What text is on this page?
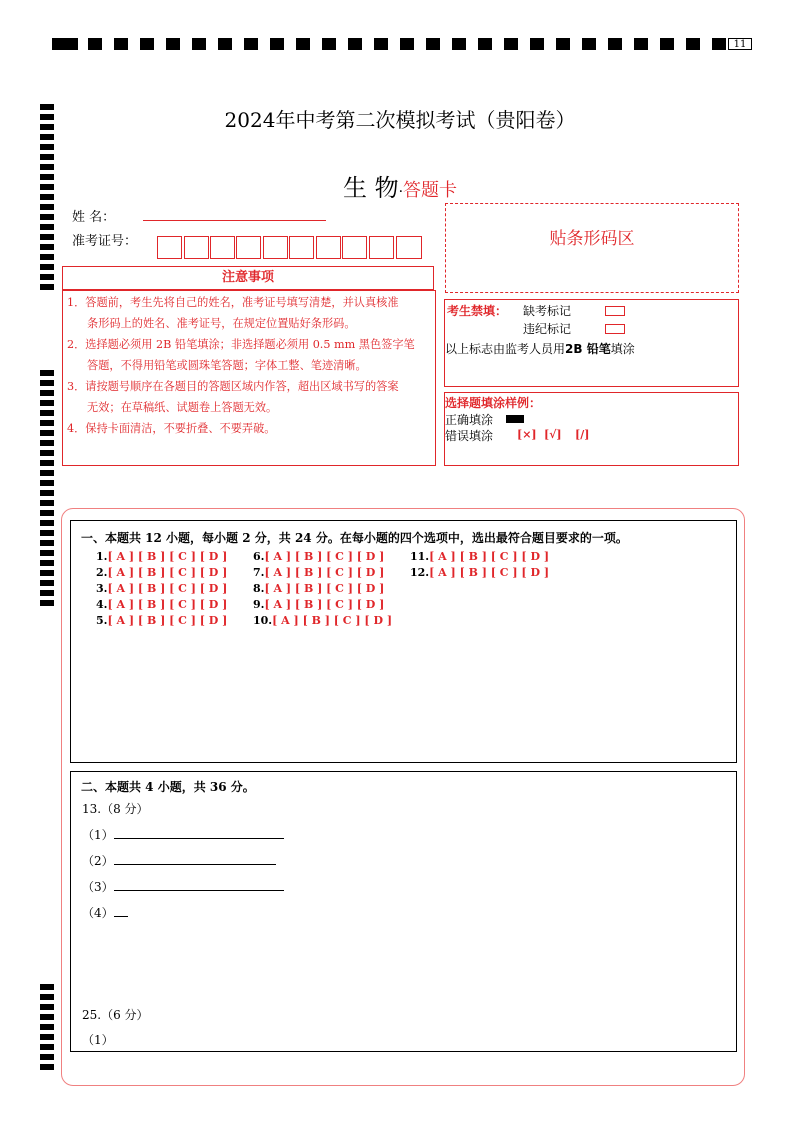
11
2024年中考第二次模拟考试（贵阳卷）
生 物·答题卡
姓 名：
准考证号：
注意事项
1．答题前，考生先将自己的姓名，准考证号填写清楚，并认真核准
条形码上的姓名、准考证号，在规定位置贴好条形码。
2．选择题必须用 2B 铅笔填涂；非选择题必须用 0.5 mm 黑色签字笔
答题，不得用铅笔或圆珠笔答题；字体工整、笔迹清晰。
3．请按题号顺序在各题目的答题区域内作答，超出区域书写的答案
无效；在草稿纸、试题卷上答题无效。
4．保持卡面清洁，不要折叠、不要弄破。
贴条形码区
考生禁填： 缺考标记
违纪标记
以上标志由监考人员用2B 铅笔填涂
选择题填涂样例：
正确填涂
错误填涂 [×] [√] [/]
一、本题共 12 小题，每小题 2 分，共 24 分。在每小题的四个选项中，选出最符合题目要求的一项。
1.[ A ] [ B ] [ C ] [ D ]
2.[ A ] [ B ] [ C ] [ D ]
3.[ A ] [ B ] [ C ] [ D ]
4.[ A ] [ B ] [ C ] [ D ]
5.[ A ] [ B ] [ C ] [ D ]
6.[ A ] [ B ] [ C ] [ D ]
7.[ A ] [ B ] [ C ] [ D ]
8.[ A ] [ B ] [ C ] [ D ]
9.[ A ] [ B ] [ C ] [ D ]
10.[ A ] [ B ] [ C ] [ D ]
11.[ A ] [ B ] [ C ] [ D ]
12.[ A ] [ B ] [ C ] [ D ]
二、本题共 4 小题，共 36 分。
13.（8 分）
（1）
（2）
（3）
（4）
25.（6 分）
（1）
